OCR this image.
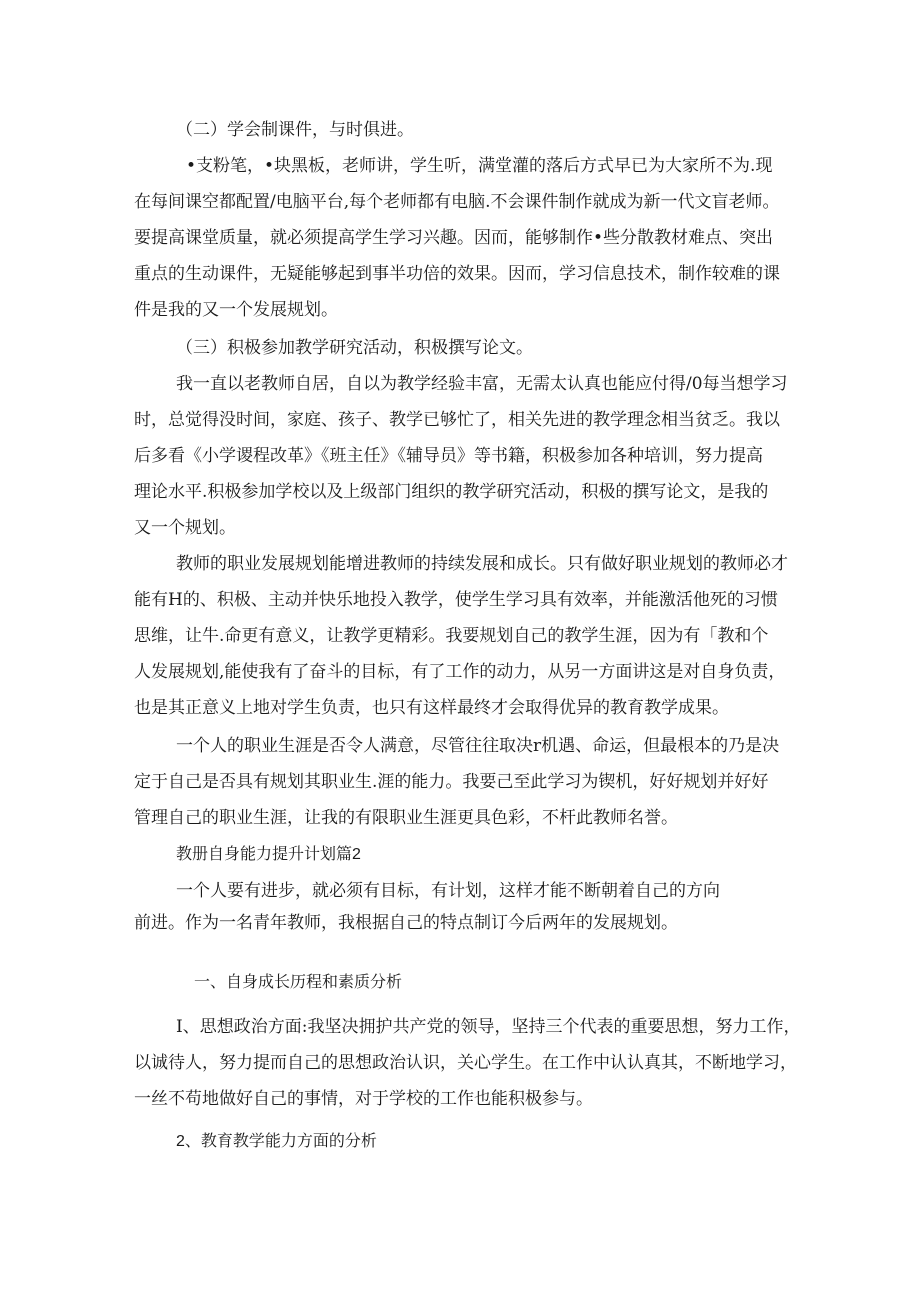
（二）学会制课件，与时俱进。
•支粉笔，•块黑板，老师讲，学生听，满堂灌的落后方式早已为大家所不为.现
在每间课空都配置/电脑平台,每个老师都有电脑.不会课件制作就成为新一代文盲老师。
要提高课堂质量，就必须提高学生学习兴趣。因而，能够制作•些分散教材难点、突出
重点的生动课件，无疑能够起到事半功倍的效果。因而，学习信息技术，制作较难的课
件是我的又一个发展规划。
（三）积极参加教学研究活动，积极撰写论文。
我一直以老教师自居，自以为教学经验丰富，无需太认真也能应付得/0每当想学习
时，总觉得没时间，家庭、孩子、教学已够忙了，相关先进的教学理念相当贫乏。我以
后多看《小学谡程改革》《班主任》《辅导员》等书籍，积极参加各种培训，努力提高
理论水平.积极参加学校以及上级部门组织的教学研究活动，积极的撰写论文，是我的
又一个规划。
教师的职业发展规划能增进教师的持续发展和成长。只有做好职业规划的教师必才
能有H的、积极、主动并快乐地投入教学，使学生学习具有效率，并能激活他死的习惯
思维，让牛.命更有意义，让教学更精彩。我要规划自己的教学生涯，因为有「教和个
人发展规划,能使我有了奋斗的目标，有了工作的动力，从另一方面讲这是对自身负责，
也是其正意义上地对学生负责，也只有这样最终才会取得优异的教育教学成果。
一个人的职业生涯是否令人满意，尽管往往取决r机遇、命运，但最根本的乃是决
定于自己是否具有规划其职业生.涯的能力。我要己至此学习为锲机，好好规划并好好
管理自己的职业生涯，让我的有限职业生涯更具色彩，不杆此教师名誉。
教册自身能力提升计划篇2
一个人要有进步，就必须有目标，有计划，这样才能不断朝着自己的方向
前进。作为一名青年教师，我根据自己的特点制订今后两年的发展规划。
一、自身成长历程和素质分析
I、思想政治方面:我坚决拥护共产党的领导，坚持三个代表的重要思想，努力工作，
以诚待人，努力提而自己的思想政治认识，关心学生。在工作中认认真其，不断地学习，
一丝不苟地做好自己的事情，对于学校的工作也能积极参与。
2、教育教学能力方面的分析
